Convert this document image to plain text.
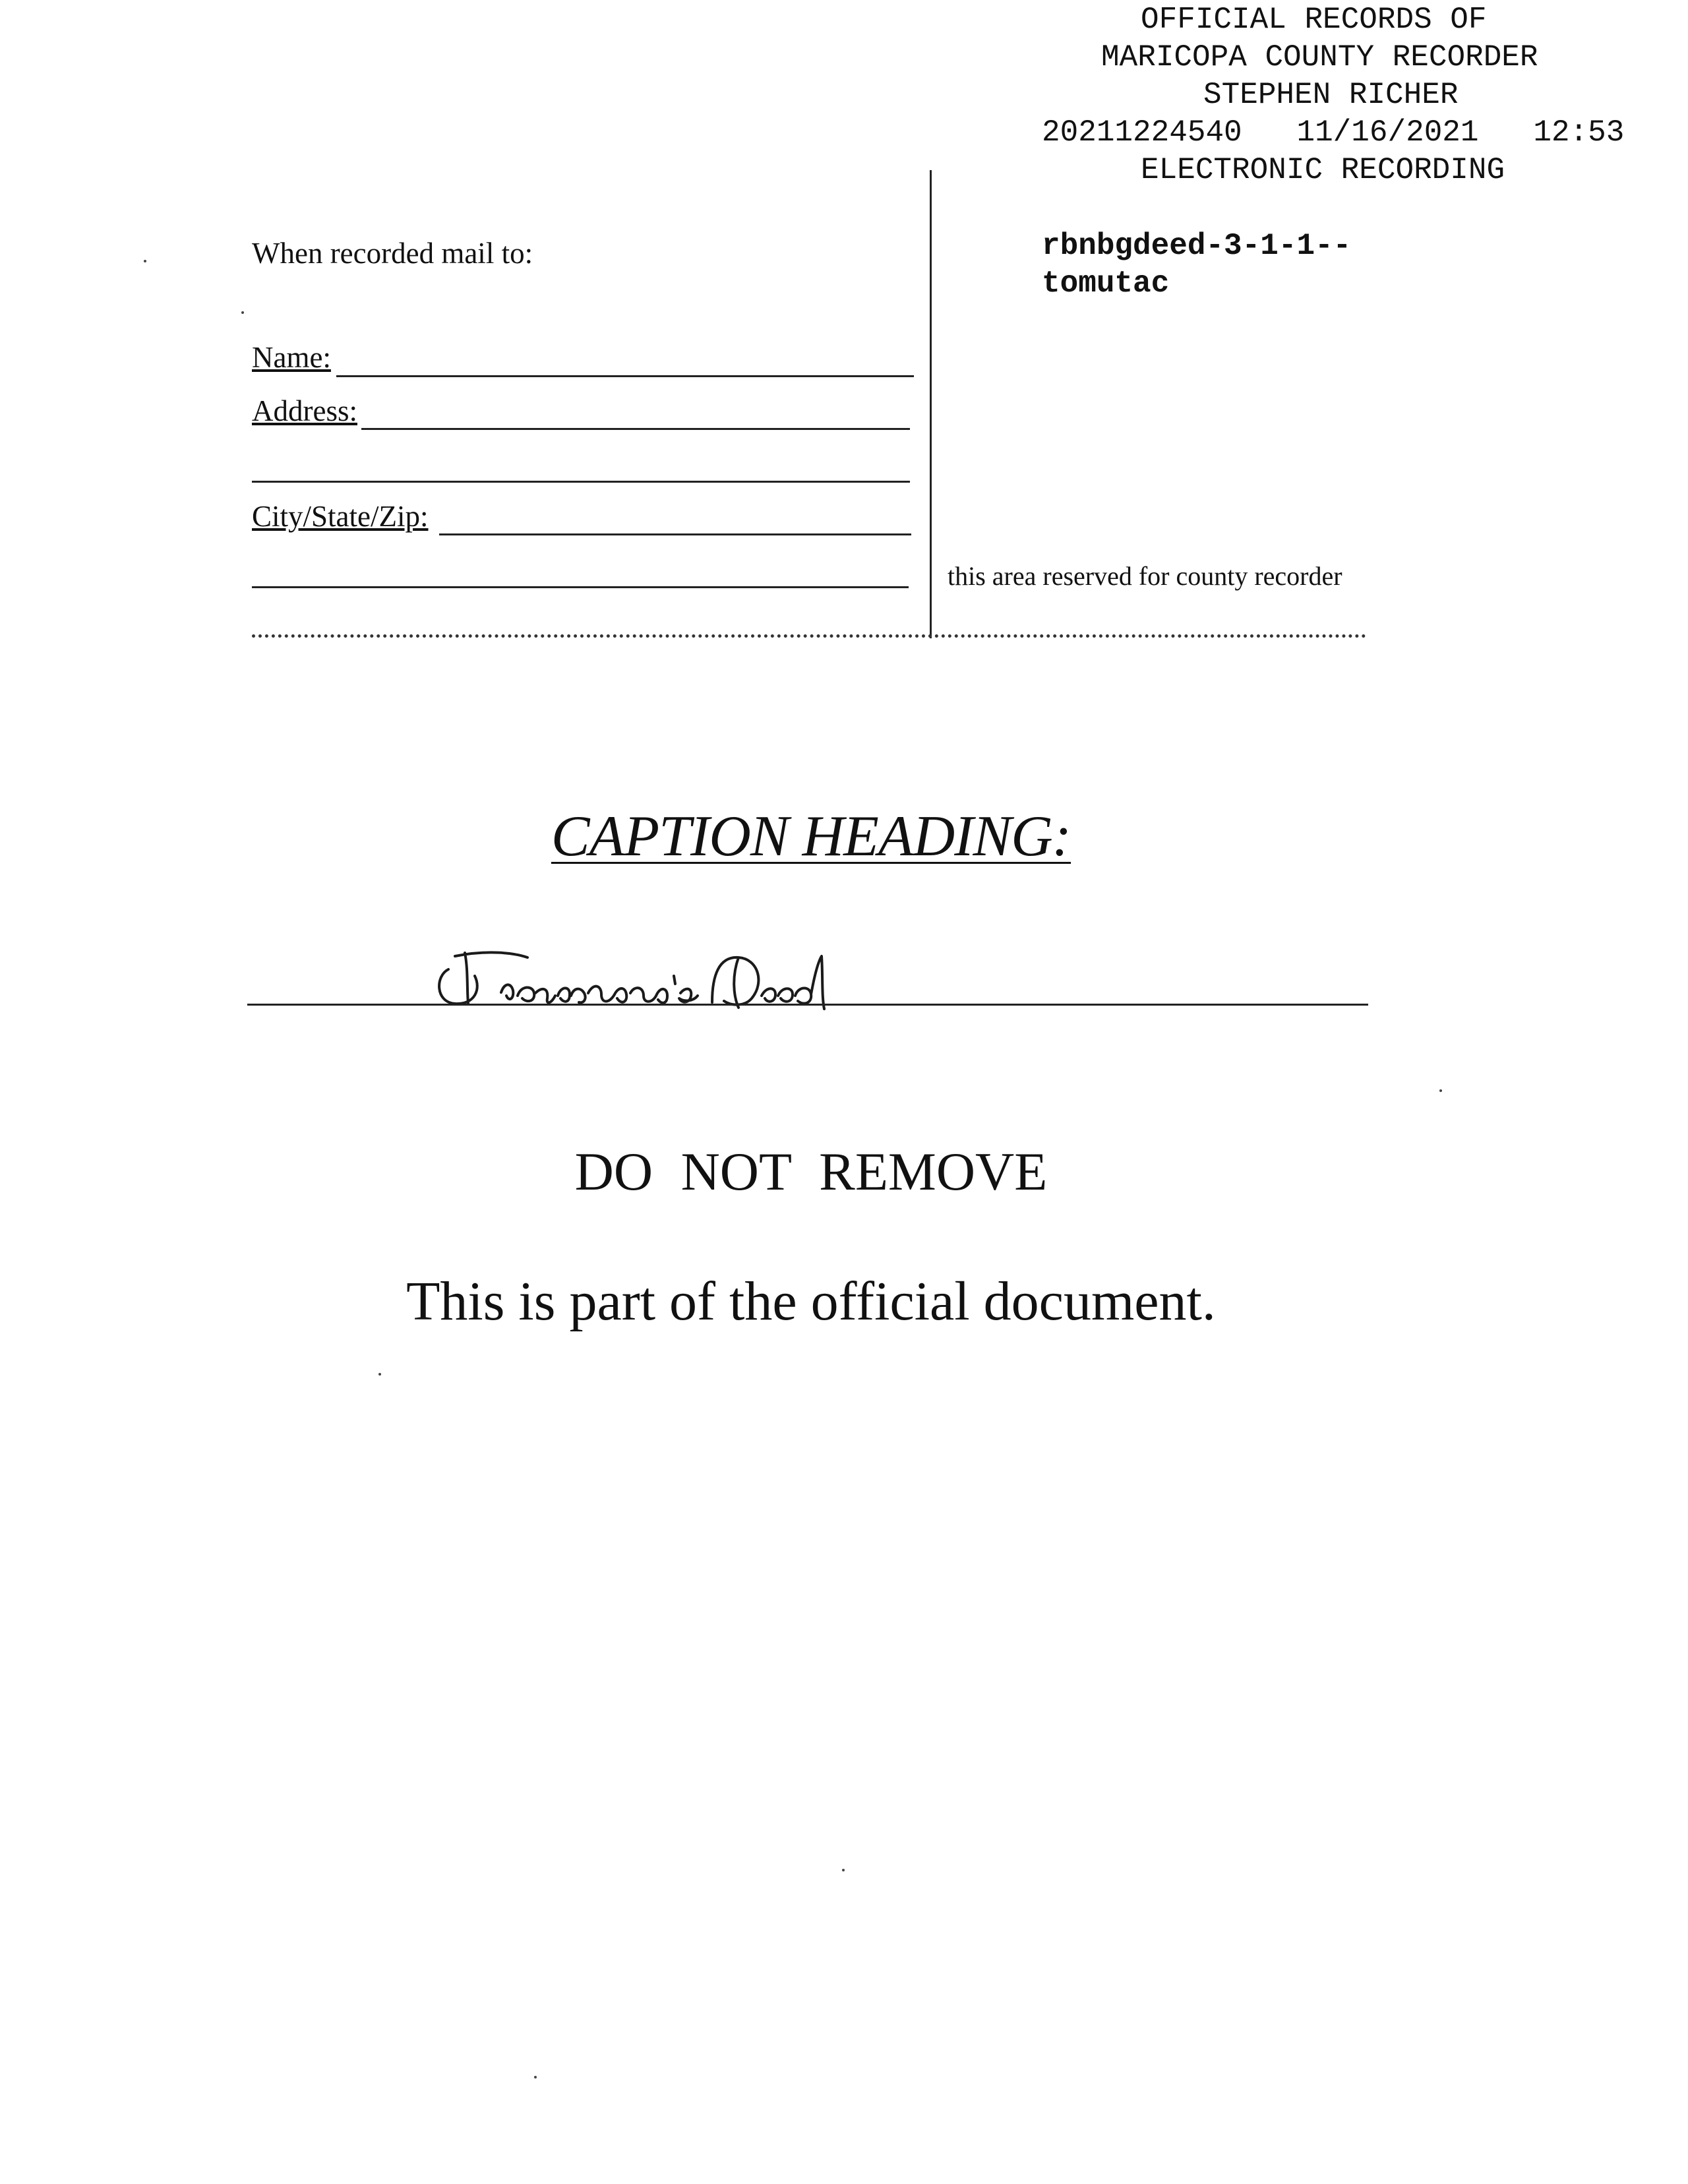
OFFICIAL RECORDS OF
MARICOPA COUNTY RECORDER
STEPHEN RICHER
20211224540   11/16/2021   12:53
ELECTRONIC RECORDING
rbnbgdeed-3-1-1--
tomutac
When recorded mail to:
Name:
Address:
City/State/Zip:
this area reserved for county recorder
CAPTION HEADING:
DO NOT REMOVE
This is part of the official document.
